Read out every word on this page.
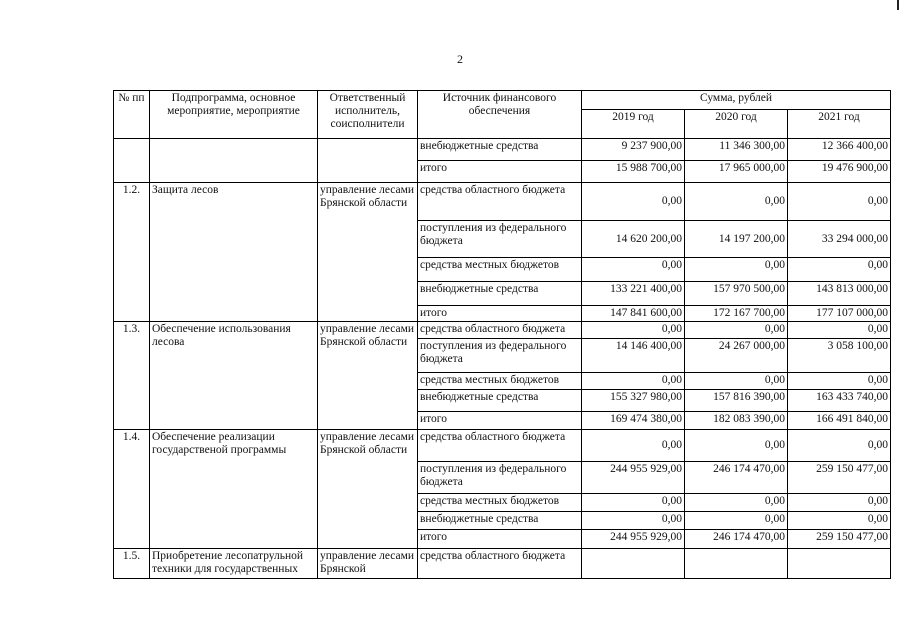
2
№ пп	Подпрограмма, основное мероприятие, мероприятие	Ответственный исполнитель, соисполнители	Источник финансового обеспечения	Сумма, рублей		
				2019 год	2020 год	2021 год
			внебюджетные средства	9 237 900,00	11 346 300,00	12 366 400,00
			итого	15 988 700,00	17 965 000,00	19 476 900,00
1.2.	Защита лесов	управление лесами Брянской области	средства областного бюджета	0,00	0,00	0,00
			поступления из федерального бюджета	14 620 200,00	14 197 200,00	33 294 000,00
			средства местных бюджетов	0,00	0,00	0,00
			внебюджетные средства	133 221 400,00	157 970 500,00	143 813 000,00
			итого	147 841 600,00	172 167 700,00	177 107 000,00
1.3.	Обеспечение использования лесова	управление лесами Брянской области	средства областного бюджета	0,00	0,00	0,00
			поступления из федерального бюджета	14 146 400,00	24 267 000,00	3 058 100,00
			средства местных бюджетов	0,00	0,00	0,00
			внебюджетные средства	155 327 980,00	157 816 390,00	163 433 740,00
			итого	169 474 380,00	182 083 390,00	166 491 840,00
1.4.	Обеспечение реализации государственой программы	управление лесами Брянской области	средства областного бюджета	0,00	0,00	0,00
			поступления из федерального бюджета	244 955 929,00	246 174 470,00	259 150 477,00
			средства местных бюджетов	0,00	0,00	0,00
			внебюджетные средства	0,00	0,00	0,00
			итого	244 955 929,00	246 174 470,00	259 150 477,00
1.5.	Приобретение лесопатрульной техники для государственных	управление лесами Брянской	средства областного бюджета			
